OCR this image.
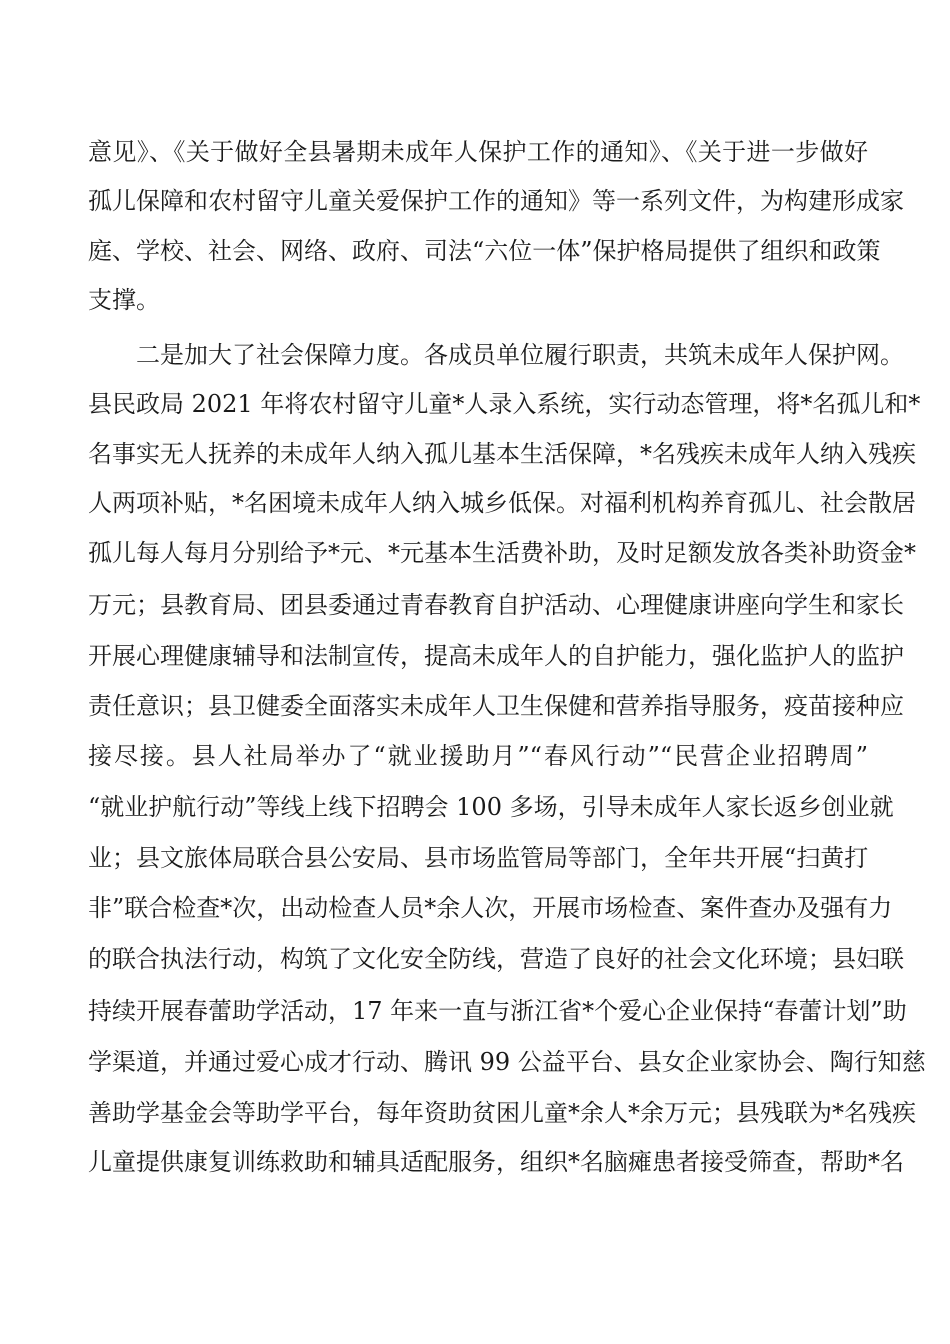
意见》、《关于做好全县暑期未成年人保护工作的通知》、《关于进一步做好
孤儿保障和农村留守儿童关爱保护工作的通知》等一系列文件，为构建形成家
庭、学校、社会、网络、政府、司法“六位一体”保护格局提供了组织和政策
支撑。
　　二是加大了社会保障力度。各成员单位履行职责，共筑未成年人保护网。
县民政局 2021 年将农村留守儿童*人录入系统，实行动态管理，将*名孤儿和*
名事实无人抚养的未成年人纳入孤儿基本生活保障，*名残疾未成年人纳入残疾
人两项补贴，*名困境未成年人纳入城乡低保。对福利机构养育孤儿、社会散居
孤儿每人每月分别给予*元、*元基本生活费补助，及时足额发放各类补助资金*
万元；县教育局、团县委通过青春教育自护活动、心理健康讲座向学生和家长
开展心理健康辅导和法制宣传，提高未成年人的自护能力，强化监护人的监护
责任意识；县卫健委全面落实未成年人卫生保健和营养指导服务，疫苗接种应
接尽接。县人社局举办了“就业援助月”“春风行动”“民营企业招聘周”
“就业护航行动”等线上线下招聘会 100 多场，引导未成年人家长返乡创业就
业；县文旅体局联合县公安局、县市场监管局等部门，全年共开展“扫黄打
非”联合检查*次，出动检查人员*余人次，开展市场检查、案件查办及强有力
的联合执法行动，构筑了文化安全防线，营造了良好的社会文化环境；县妇联
持续开展春蕾助学活动，17 年来一直与浙江省*个爱心企业保持“春蕾计划”助
学渠道，并通过爱心成才行动、腾讯 99 公益平台、县女企业家协会、陶行知慈
善助学基金会等助学平台，每年资助贫困儿童*余人*余万元；县残联为*名残疾
儿童提供康复训练救助和辅具适配服务，组织*名脑瘫患者接受筛查，帮助*名
